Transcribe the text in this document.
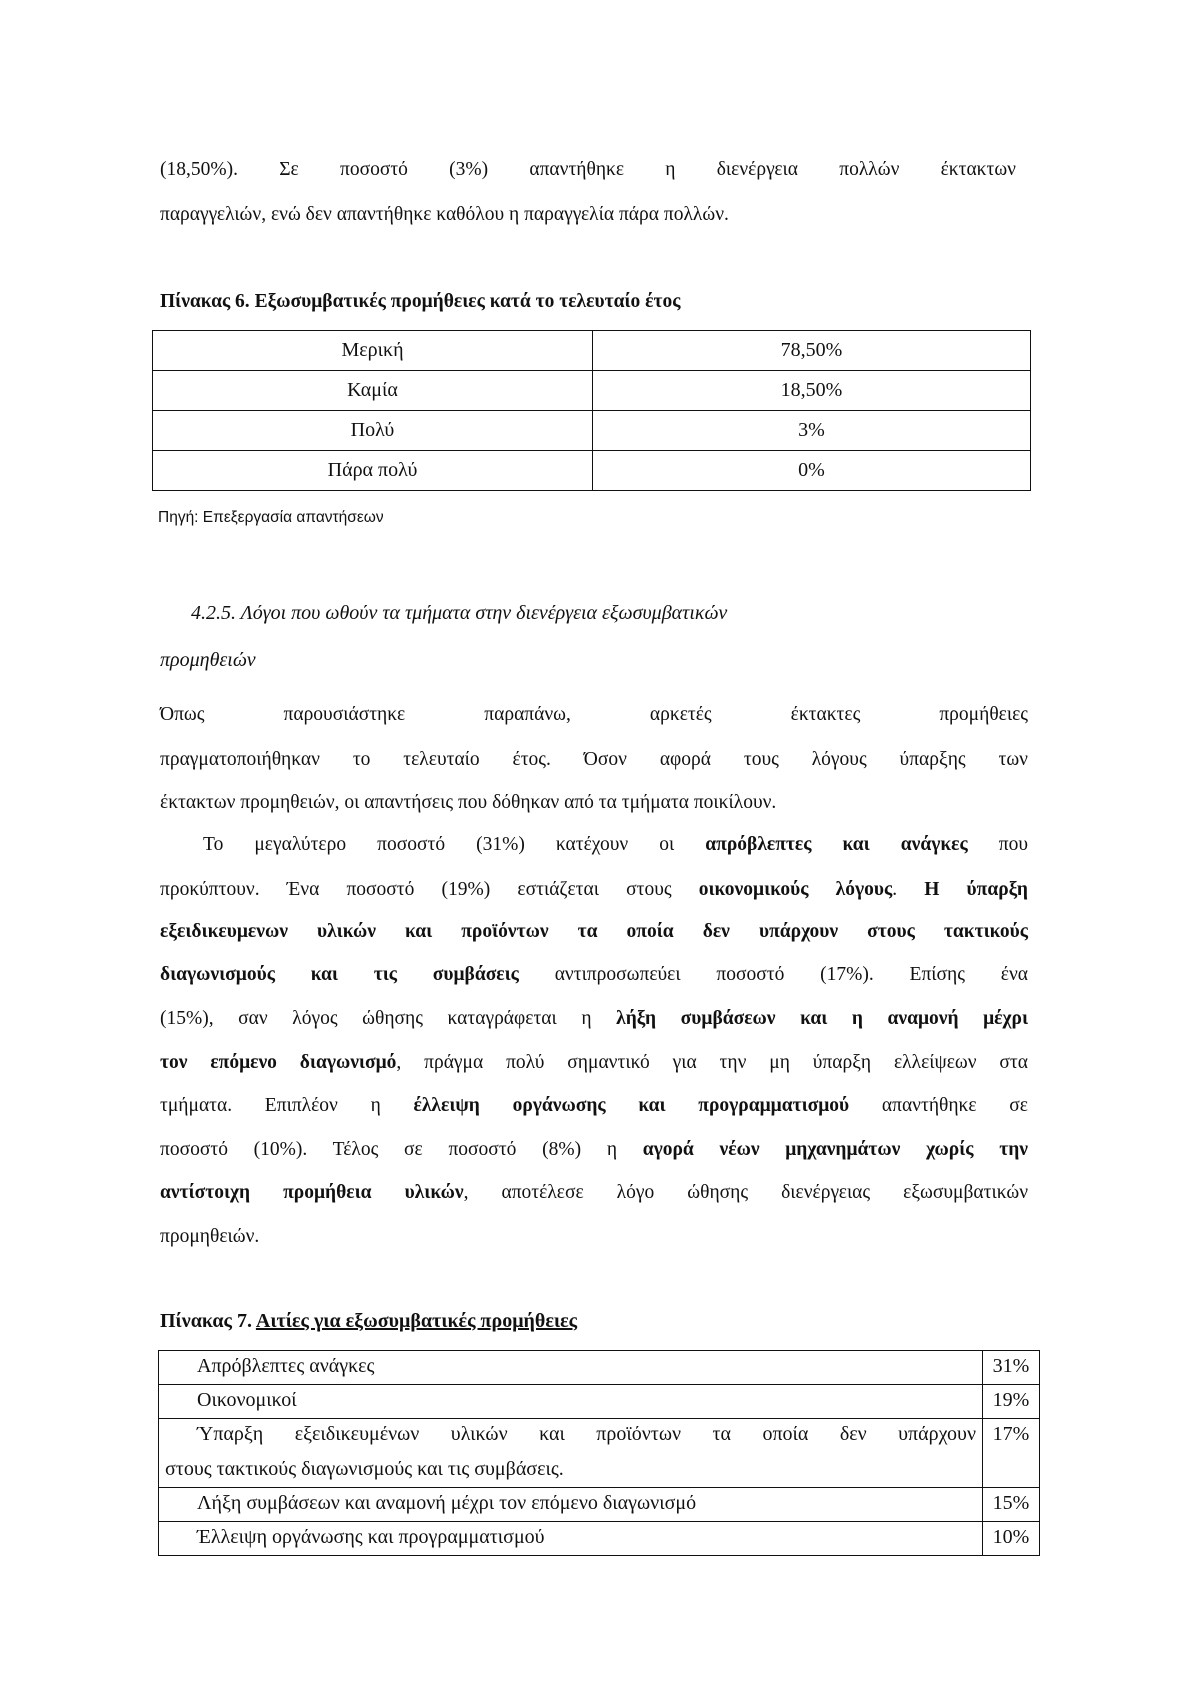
(18,50%). Σε ποσοστό (3%) απαντήθηκε η διενέργεια πολλών έκτακτων
παραγγελιών, ενώ δεν απαντήθηκε καθόλου η παραγγελία πάρα πολλών.
Πίνακας 6. Εξωσυμβατικές προμήθειες κατά το τελευταίο έτος
Μερική	78,50%
Καμία	18,50%
Πολύ	3%
Πάρα πολύ	0%
Πηγή: Επεξεργασία απαντήσεων
4.2.5. Λόγοι που ωθούν τα τμήματα στην διενέργεια εξωσυμβατικών
προμηθειών
Όπως παρουσιάστηκε παραπάνω, αρκετές έκτακτες προμήθειες
πραγματοποιήθηκαν το τελευταίο έτος. Όσον αφορά τους λόγους ύπαρξης των
έκτακτων προμηθειών, οι απαντήσεις που δόθηκαν από τα τμήματα ποικίλουν.
Το μεγαλύτερο ποσοστό (31%) κατέχουν οι απρόβλεπτες και ανάγκες που
προκύπτουν. Ένα ποσοστό (19%) εστιάζεται στους οικονομικούς λόγους. Η ύπαρξη
εξειδικευμενων υλικών και προϊόντων τα οποία δεν υπάρχουν στους τακτικούς
διαγωνισμούς και τις συμβάσεις αντιπροσωπεύει ποσοστό (17%). Επίσης ένα
(15%), σαν λόγος ώθησης καταγράφεται η λήξη συμβάσεων και η αναμονή μέχρι
τον επόμενο διαγωνισμό, πράγμα πολύ σημαντικό για την μη ύπαρξη ελλείψεων στα
τμήματα. Επιπλέον η έλλειψη οργάνωσης και προγραμματισμού απαντήθηκε σε
ποσοστό (10%). Τέλος σε ποσοστό (8%) η αγορά νέων μηχανημάτων χωρίς την
αντίστοιχη προμήθεια υλικών, αποτέλεσε λόγο ώθησης διενέργειας εξωσυμβατικών
προμηθειών.
Πίνακας 7. Αιτίες για εξωσυμβατικές προμήθειες
Απρόβλεπτες ανάγκες	31%
Οικονομικοί	19%

Ύπαρξη εξειδικευμένων υλικών και προϊόντων τα οποία δεν υπάρχουν
στους τακτικούς διαγωνισμούς και τις συμβάσεις.	17%
Λήξη συμβάσεων και αναμονή μέχρι τον επόμενο διαγωνισμό	15%
Έλλειψη οργάνωσης και προγραμματισμού	10%
